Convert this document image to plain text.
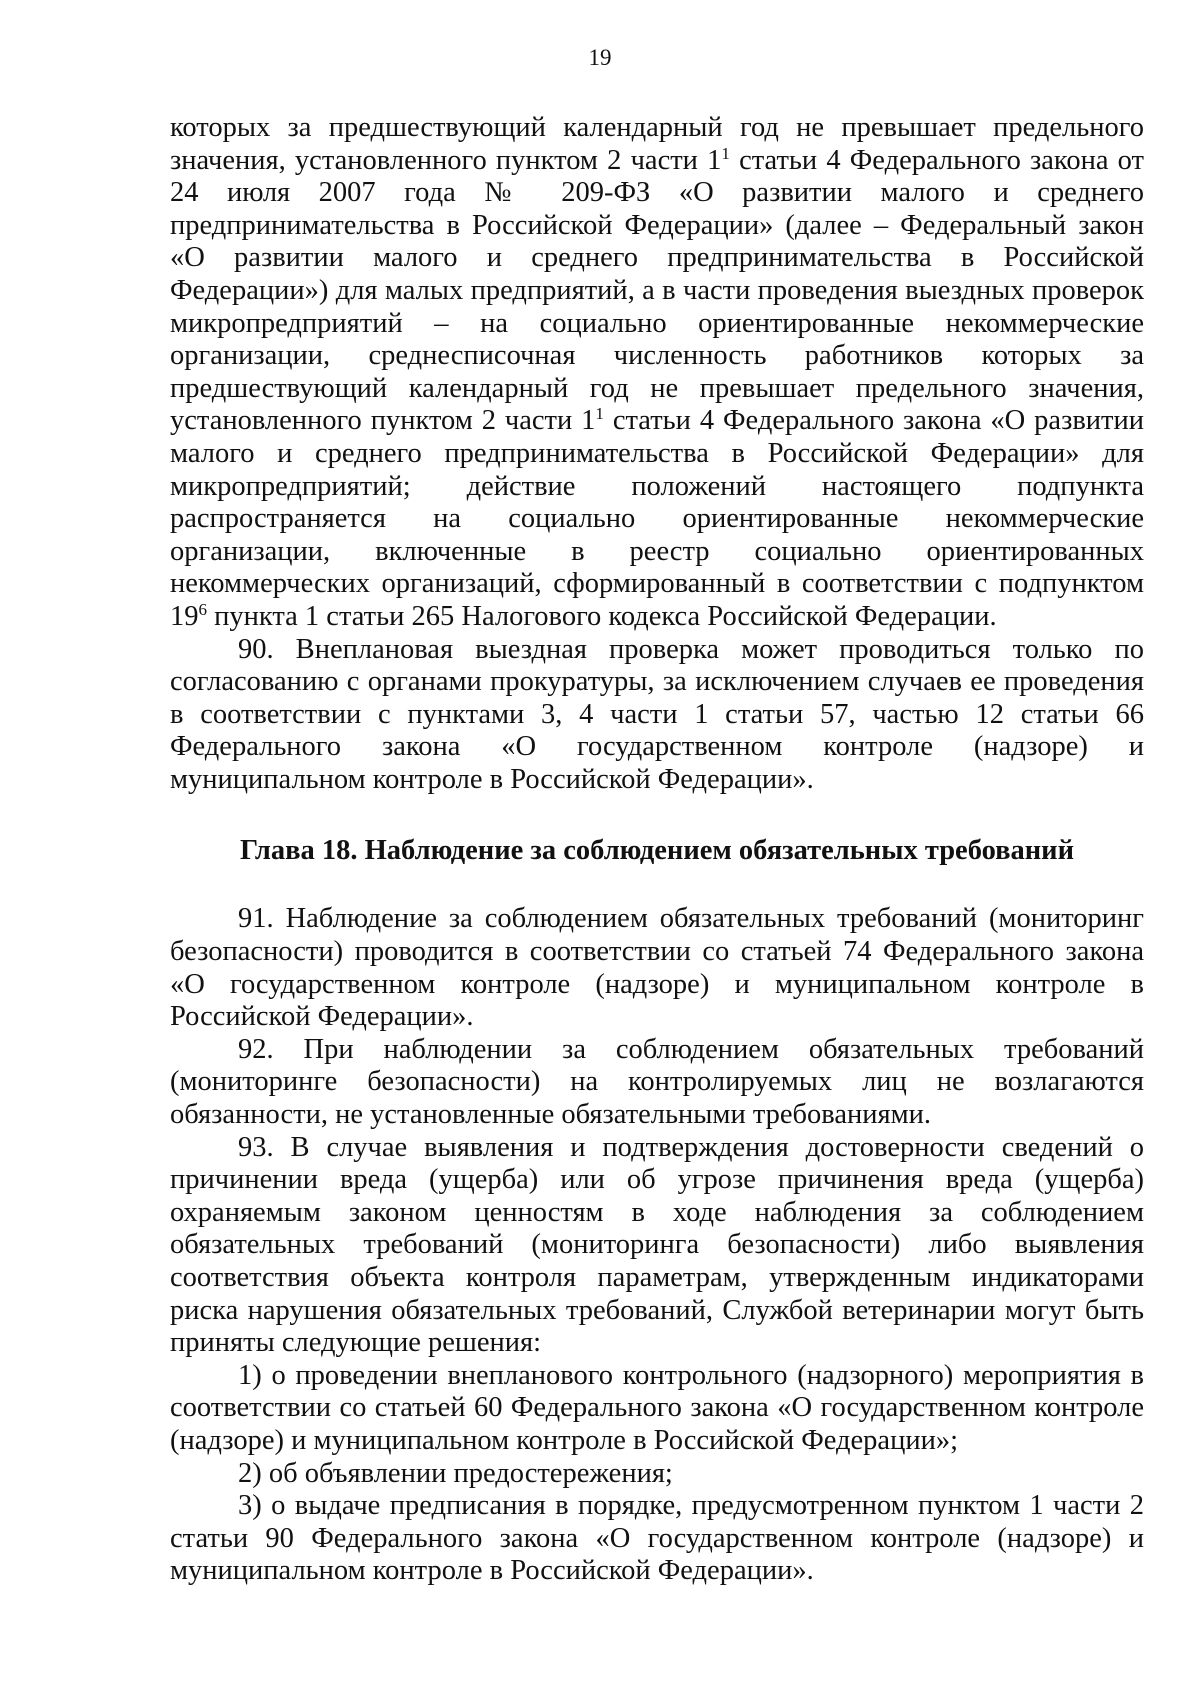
19

которых за предшествующий календарный год не превышает предельного значения, установленного пунктом 2 части $1^1$ статьи 4 Федерального закона от 24 июля 2007 года № 209-ФЗ «О развитии малого и среднего предпринимательства в Российской Федерации» (далее – Федеральный закон «О развитии малого и среднего предпринимательства в Российской Федерации») для малых предприятий, а в части проведения выездных проверок микропредприятий – на социально ориентированные некоммерческие организации, среднесписочная численность работников которых за предшествующий календарный год не превышает предельного значения, установленного пунктом 2 части $1^1$ статьи 4 Федерального закона «О развитии малого и среднего предпринимательства в Российской Федерации» для микропредприятий; действие положений настоящего подпункта распространяется на социально ориентированные некоммерческие организации, включенные в реестр социально ориентированных некоммерческих организаций, сформированный в соответствии с подпунктом $19^6$ пункта 1 статьи 265 Налогового кодекса Российской Федерации.

90. Внеплановая выездная проверка может проводиться только по согласованию с органами прокуратуры, за исключением случаев ее проведения в соответствии с пунктами 3, 4 части 1 статьи 57, частью 12 статьи 66 Федерального закона «О государственном контроле (надзоре) и муниципальном контроле в Российской Федерации».

Глава 18. Наблюдение за соблюдением обязательных требований

91. Наблюдение за соблюдением обязательных требований (мониторинг безопасности) проводится в соответствии со статьей 74 Федерального закона «О государственном контроле (надзоре) и муниципальном контроле в Российской Федерации».

92. При наблюдении за соблюдением обязательных требований (мониторинге безопасности) на контролируемых лиц не возлагаются обязанности, не установленные обязательными требованиями.

93. В случае выявления и подтверждения достоверности сведений о причинении вреда (ущерба) или об угрозе причинения вреда (ущерба) охраняемым законом ценностям в ходе наблюдения за соблюдением обязательных требований (мониторинга безопасности) либо выявления соответствия объекта контроля параметрам, утвержденным индикаторами риска нарушения обязательных требований, Службой ветеринарии могут быть приняты следующие решения:

1) о проведении внепланового контрольного (надзорного) мероприятия в соответствии со статьей 60 Федерального закона «О государственном контроле (надзоре) и муниципальном контроле в Российской Федерации»;

2) об объявлении предостережения;

3) о выдаче предписания в порядке, предусмотренном пунктом 1 части 2 статьи 90 Федерального закона «О государственном контроле (надзоре) и муниципальном контроле в Российской Федерации».
